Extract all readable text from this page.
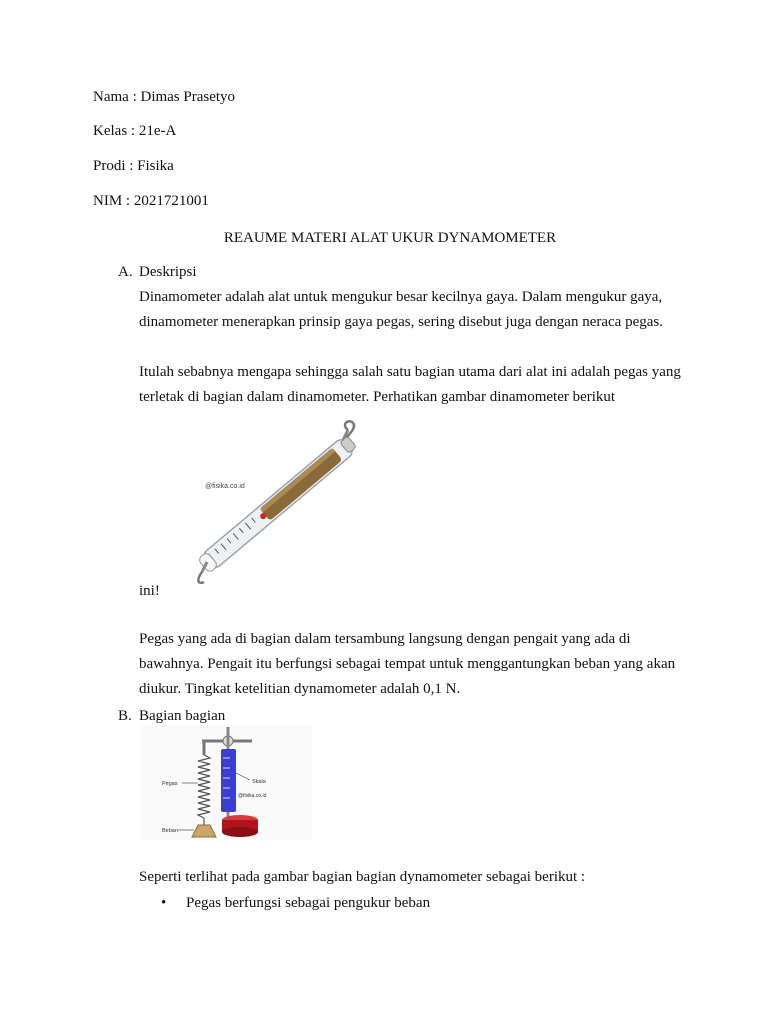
Nama : Dimas Prasetyo
Kelas : 21e-A
Prodi : Fisika
NIM : 2021721001
REAUME MATERI ALAT UKUR DYNAMOMETER
A. Deskripsi
Dinamometer adalah alat untuk mengukur besar kecilnya gaya. Dalam mengukur gaya, dinamometer menerapkan prinsip gaya pegas, sering disebut juga dengan neraca pegas.
Itulah sebabnya mengapa sehingga salah satu bagian utama dari alat ini adalah pegas yang terletak di bagian dalam dinamometer. Perhatikan gambar dinamometer berikut
@fisika.co.id
ini!
Pegas yang ada di bagian dalam tersambung langsung dengan pengait yang ada di bawahnya. Pengait itu berfungsi sebagai tempat untuk menggantungkan beban yang akan diukur. Tingkat ketelitian dynamometer adalah 0,1 N.
B. Bagian bagian
Pegas	Skala
@fisika.co.id
Beban
Seperti terlihat pada gambar bagian bagian dynamometer sebagai berikut :
• Pegas berfungsi sebagai pengukur beban
